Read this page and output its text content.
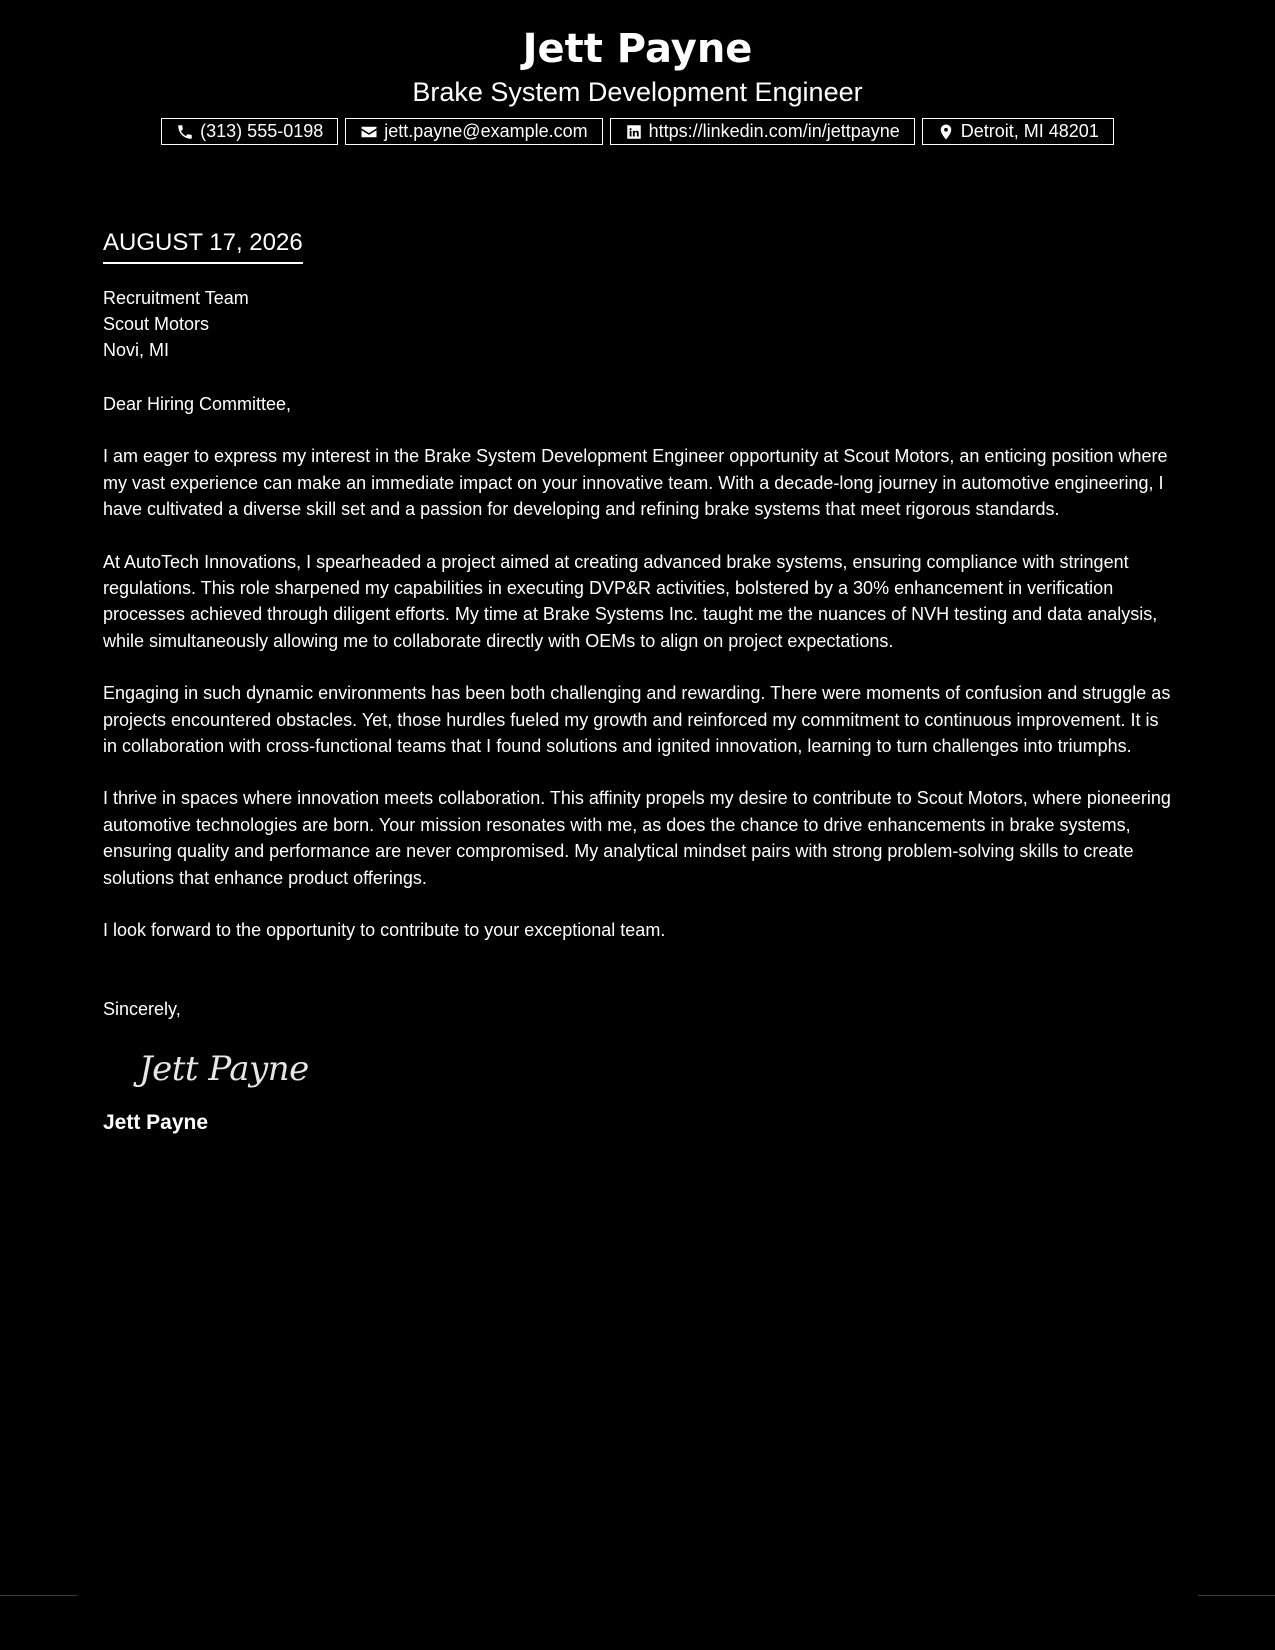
Jett Payne
Brake System Development Engineer
(313) 555-0198	jett.payne@example.com	https://linkedin.com/in/jettpayne	Detroit, MI 48201
AUGUST 17, 2026
Recruitment Team
Scout Motors
Novi, MI
Dear Hiring Committee,
I am eager to express my interest in the Brake System Development Engineer opportunity at Scout Motors, an enticing position where my vast experience can make an immediate impact on your innovative team. With a decade-long journey in automotive engineering, I have cultivated a diverse skill set and a passion for developing and refining brake systems that meet rigorous standards.
At AutoTech Innovations, I spearheaded a project aimed at creating advanced brake systems, ensuring compliance with stringent regulations. This role sharpened my capabilities in executing DVP&R activities, bolstered by a 30% enhancement in verification processes achieved through diligent efforts. My time at Brake Systems Inc. taught me the nuances of NVH testing and data analysis, while simultaneously allowing me to collaborate directly with OEMs to align on project expectations.
Engaging in such dynamic environments has been both challenging and rewarding. There were moments of confusion and struggle as projects encountered obstacles. Yet, those hurdles fueled my growth and reinforced my commitment to continuous improvement. It is in collaboration with cross-functional teams that I found solutions and ignited innovation, learning to turn challenges into triumphs.
I thrive in spaces where innovation meets collaboration. This affinity propels my desire to contribute to Scout Motors, where pioneering automotive technologies are born. Your mission resonates with me, as does the chance to drive enhancements in brake systems, ensuring quality and performance are never compromised. My analytical mindset pairs with strong problem-solving skills to create solutions that enhance product offerings.
I look forward to the opportunity to contribute to your exceptional team.
Sincerely,
Jett Payne
Jett Payne
